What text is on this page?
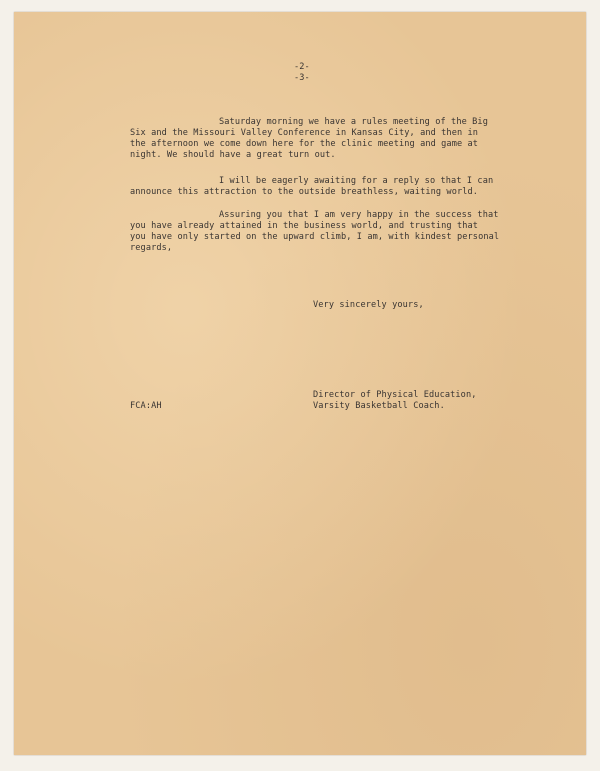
-2-
-3-
Saturday morning we have a rules meeting of the Big
Six and the Missouri Valley Conference in Kansas City, and then in
the afternoon we come down here for the clinic meeting and game at
night. We should have a great turn out.
I will be eagerly awaiting for a reply so that I can
announce this attraction to the outside breathless, waiting world.
Assuring you that I am very happy in the success that
you have already attained in the business world, and trusting that
you have only started on the upward climb, I am, with kindest personal
regards,
Very sincerely yours,
Director of Physical Education,
Varsity Basketball Coach.
FCA:AH
